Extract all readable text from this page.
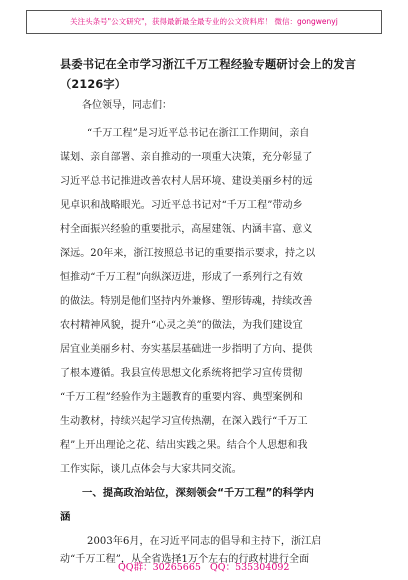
关注头条号"公文研究"，获得最新最全最专业的公文资料库！ 微信：gongwenyj
县委书记在全市学习浙江千万工程经验专题研讨会上的发言（2126字）
各位领导，同志们：
“千万工程”是习近平总书记在浙江工作期间，亲自
谋划、亲自部署、亲自推动的一项重大决策，充分彰显了
习近平总书记推进改善农村人居环境、建设美丽乡村的远
见卓识和战略眼光。习近平总书记对“千万工程”带动乡
村全面振兴经验的重要批示，高屋建瓴、内涵丰富、意义
深远。20年来，浙江按照总书记的重要指示要求，持之以
恒推动“千万工程”向纵深迈进，形成了一系列行之有效
的做法。特别是他们坚持内外兼修、塑形铸魂，持续改善
农村精神风貌，提升“心灵之美”的做法，为我们建设宜
居宜业美丽乡村、夯实基层基础进一步指明了方向、提供
了根本遵循。我县宣传思想文化系统将把学习宣传贯彻
“千万工程”经验作为主题教育的重要内容、典型案例和
生动教材，持续兴起学习宣传热潮，在深入践行“千万工
程”上开出理论之花、结出实践之果。结合个人思想和我
工作实际，谈几点体会与大家共同交流。
一、提高政治站位，深刻领会“千万工程”的科学内
涵
2003年6月，在习近平同志的倡导和主持下，浙江启
动“千万工程”，从全省选择1万个左右的行政村进行全面
QQ群：30265665 QQ：535304092
